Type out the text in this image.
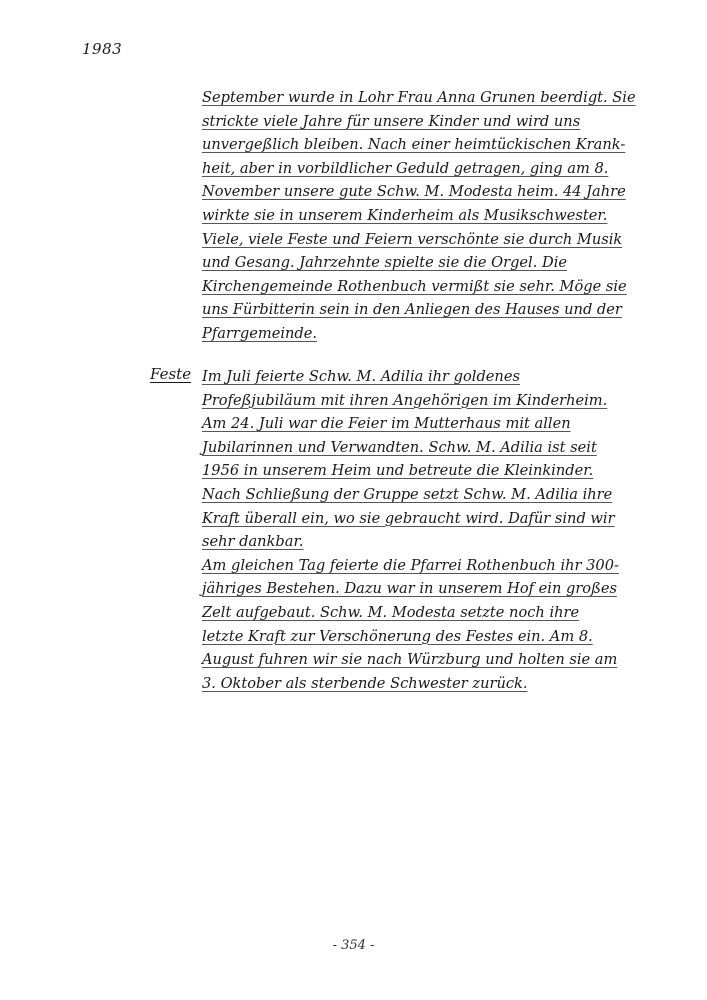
1983
September wurde in Lohr Frau Anna Grunen beerdigt. Sie
strickte viele Jahre für unsere Kinder und wird uns
unvergeßlich bleiben. Nach einer heimtückischen Krank-
heit, aber in vorbildlicher Geduld getragen, ging am 8.
November unsere gute Schw. M. Modesta heim. 44 Jahre
wirkte sie in unserem Kinderheim als Musikschwester.
Viele, viele Feste und Feiern verschönte sie durch Musik
und Gesang. Jahrzehnte spielte sie die Orgel. Die
Kirchengemeinde Rothenbuch vermißt sie sehr. Möge sie
uns Fürbitterin sein in den Anliegen des Hauses und der
Pfarrgemeinde.
Feste Im Juli feierte Schw. M. Adilia ihr goldenes
Profeßjubiläum mit ihren Angehörigen im Kinderheim.
Am 24. Juli war die Feier im Mutterhaus mit allen
Jubilarinnen und Verwandten. Schw. M. Adilia ist seit
1956 in unserem Heim und betreute die Kleinkinder.
Nach Schließung der Gruppe setzt Schw. M. Adilia ihre
Kraft überall ein, wo sie gebraucht wird. Dafür sind wir
sehr dankbar.
Am gleichen Tag feierte die Pfarrei Rothenbuch ihr 300-
jähriges Bestehen. Dazu war in unserem Hof ein großes
Zelt aufgebaut. Schw. M. Modesta setzte noch ihre
letzte Kraft zur Verschönerung des Festes ein. Am 8.
August fuhren wir sie nach Würzburg und holten sie am
3. Oktober als sterbende Schwester zurück.
- 354 -
